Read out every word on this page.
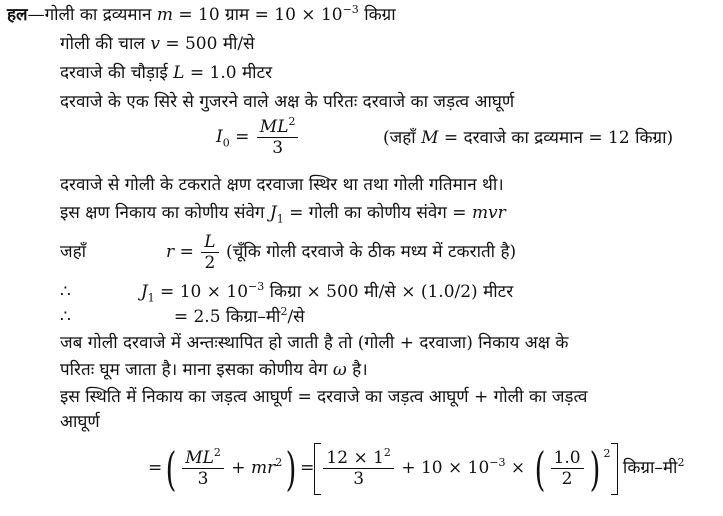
हल—गोली का द्रव्यमान m = 10 ग्राम = $10 \times 10^{-3}$ किग्रा
गोली की चाल v = 500 मी/से
दरवाजे की चौड़ाई L = 1.0 मीटर
दरवाजे के एक सिरे से गुजरने वाले अक्ष के परितः दरवाजे का जड़त्व आघूर्ण
$I_0 = \frac{ML^2}{3}$	(जहाँ M = दरवाजे का द्रव्यमान = 12 किग्रा)
दरवाजे से गोली के टकराते क्षण दरवाजा स्थिर था तथा गोली गतिमान थी।
इस क्षण निकाय का कोणीय संवेग $J_1$ = गोली का कोणीय संवेग = mvr
जहाँ	$r = \frac{L}{2}$ (चूँकि गोली दरवाजे के ठीक मध्य में टकराती है)
∴	$J_1 = 10 \times 10^{-3}$ किग्रा × 500 मी/से × (1.0/2) मीटर
∴	= 2.5 किग्रा–मी$^2$/से
जब गोली दरवाजे में अन्तःस्थापित हो जाती है तो (गोली + दरवाजा) निकाय अक्ष के
परितः घूम जाता है। माना इसका कोणीय वेग ω है।
इस स्थिति में निकाय का जड़त्व आघूर्ण = दरवाजे का जड़त्व आघूर्ण + गोली का जड़त्व
आघूर्ण
=( $\frac{ML^2}{3} + mr^2) = \frac{12 \times 1^2}{3} + 10 \times 10^{-3}$ × ( $\frac{1.0}{2}$ ) $^2$ किग्रा–मी$^2$
